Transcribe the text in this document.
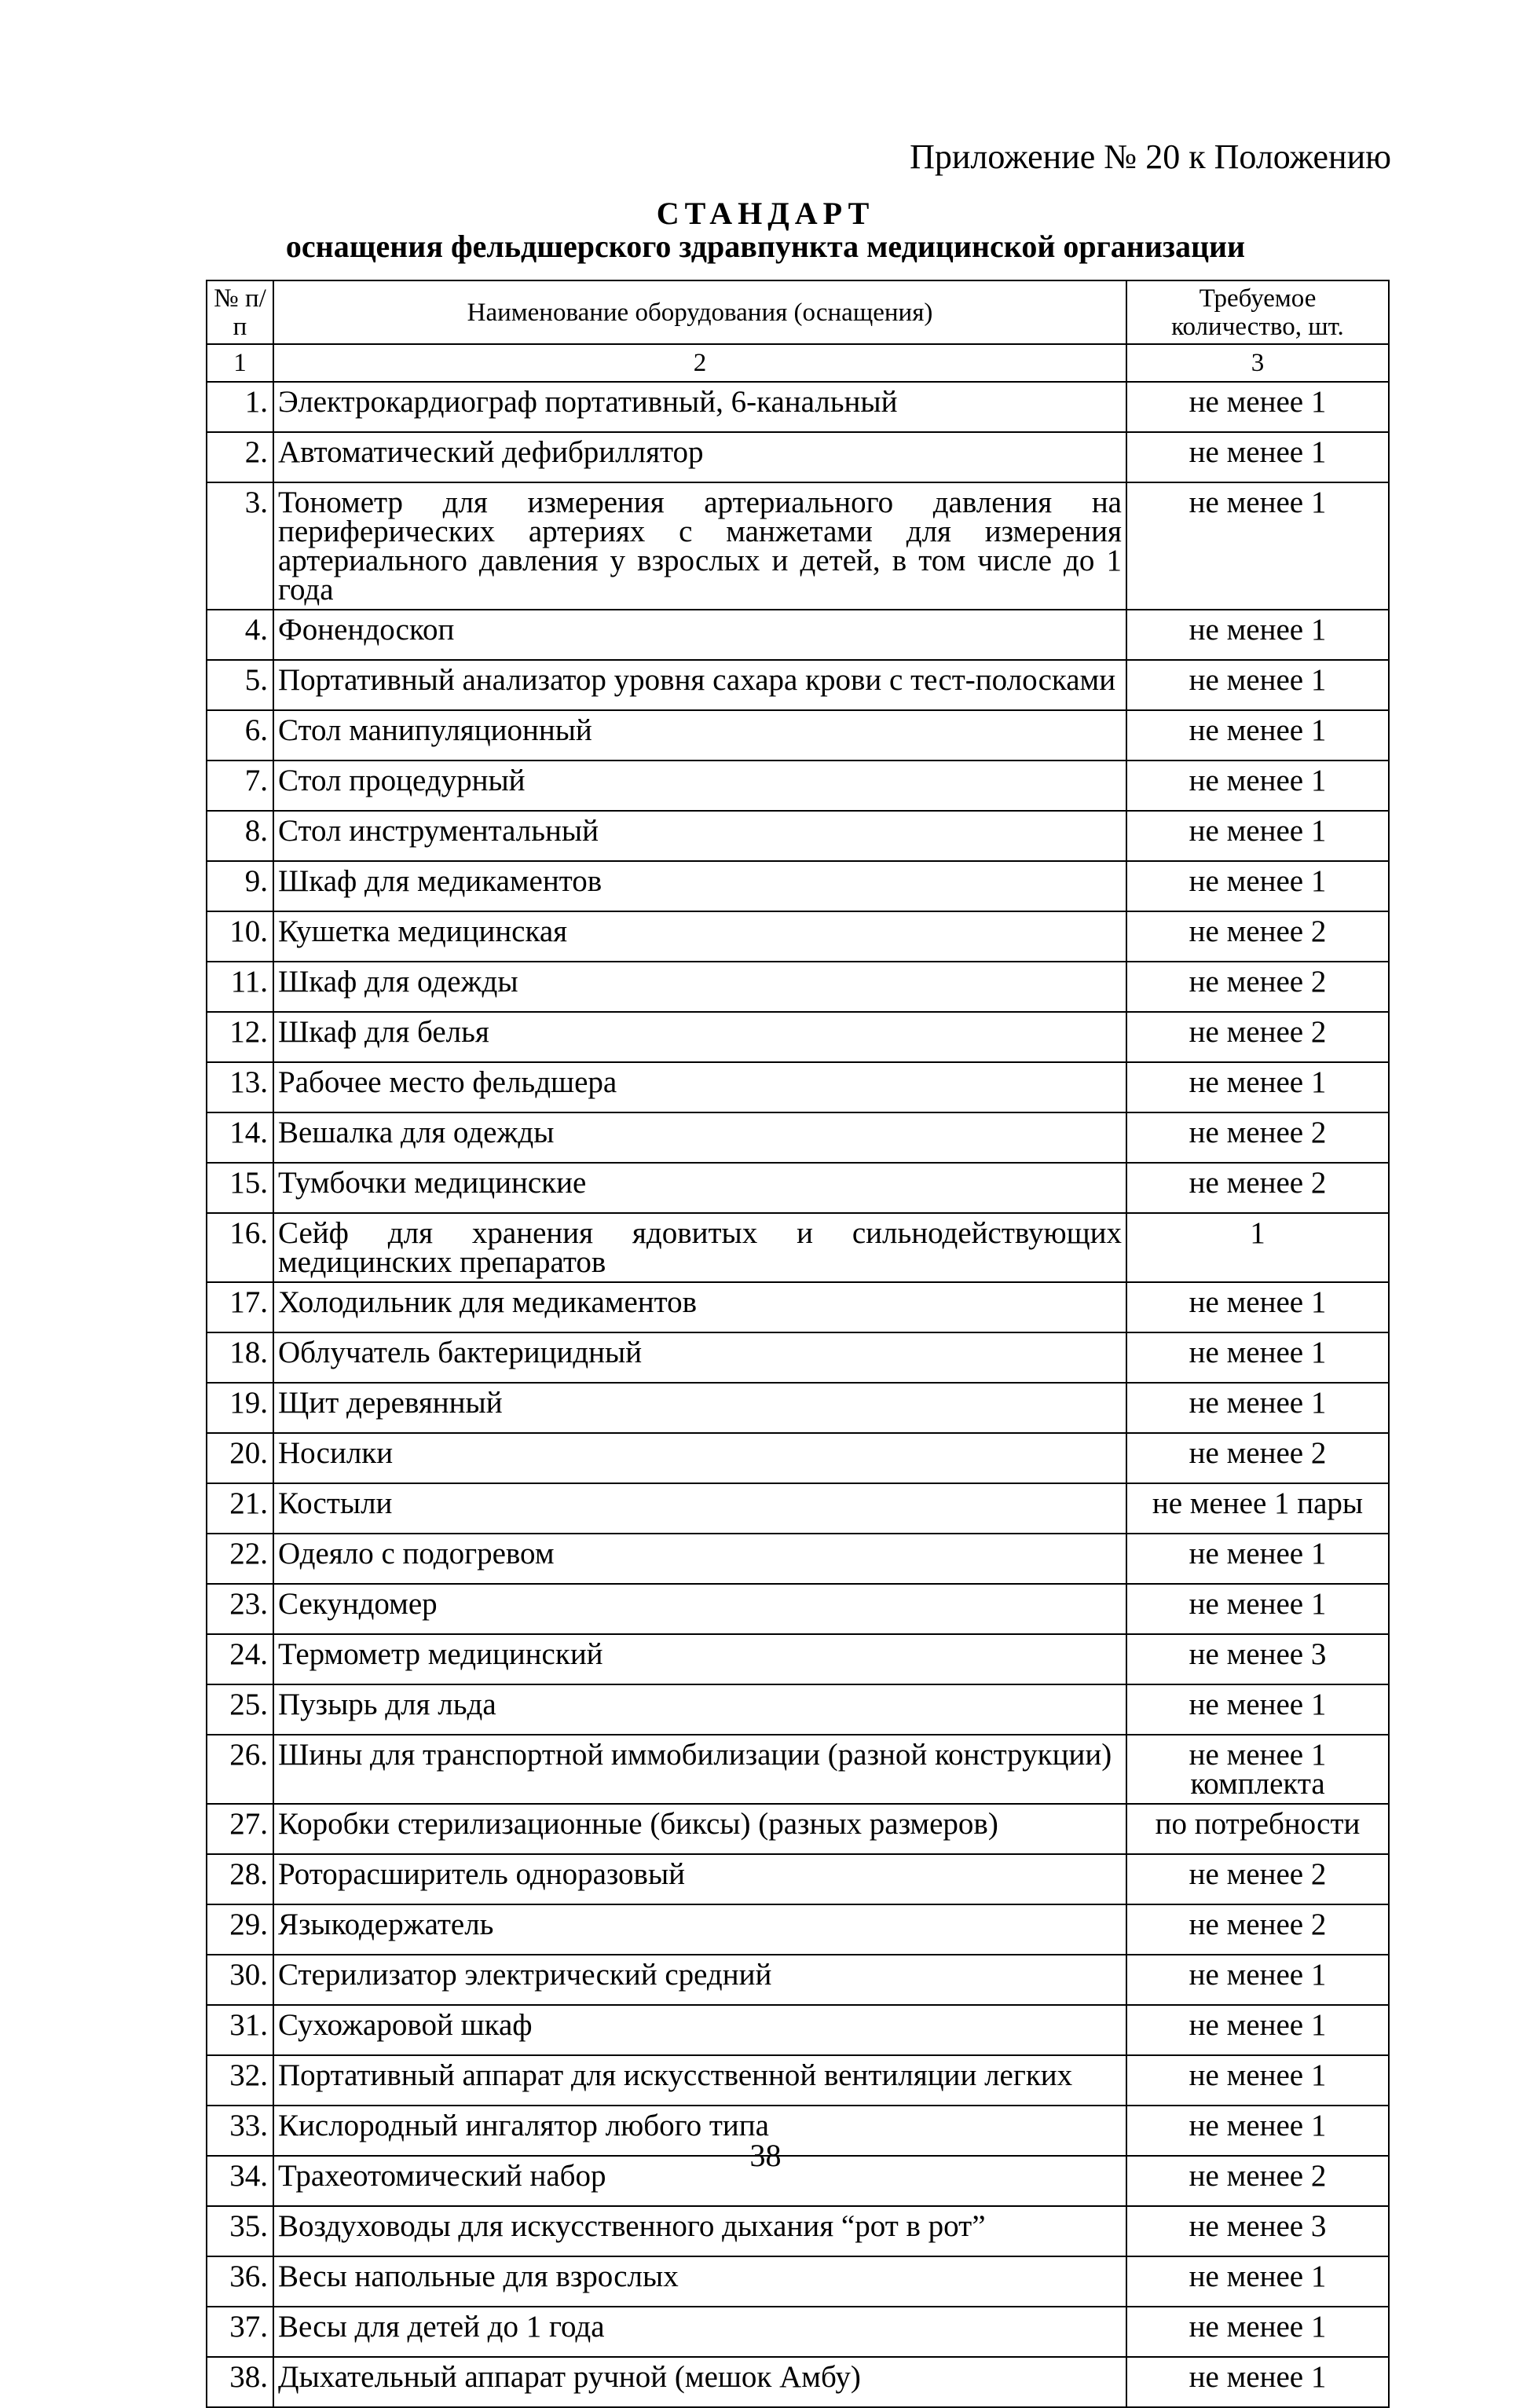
Приложение № 20 к Положению
СТАНДАРТ
оснащения фельдшерского здравпункта медицинской организации
№ п/п	Наименование оборудования (оснащения)	Требуемое количество, шт.
1	2	3
1.	Электрокардиограф портативный, 6-канальный	не менее 1
2.	Автоматический дефибриллятор	не менее 1
3.	Тонометр для измерения артериального давления на периферических артериях с манжетами для измерения артериального давления у взрослых и детей, в том числе до 1 года	не менее 1
4.	Фонендоскоп	не менее 1
5.	Портативный анализатор уровня сахара крови с тест-полосками	не менее 1
6.	Стол манипуляционный	не менее 1
7.	Стол процедурный	не менее 1
8.	Стол инструментальный	не менее 1
9.	Шкаф для медикаментов	не менее 1
10.	Кушетка медицинская	не менее 2
11.	Шкаф для одежды	не менее 2
12.	Шкаф для белья	не менее 2
13.	Рабочее место фельдшера	не менее 1
14.	Вешалка для одежды	не менее 2
15.	Тумбочки медицинские	не менее 2
16.	Сейф для хранения ядовитых и сильнодействующих медицинских препаратов	1
17.	Холодильник для медикаментов	не менее 1
18.	Облучатель бактерицидный	не менее 1
19.	Щит деревянный	не менее 1
20.	Носилки	не менее 2
21.	Костыли	не менее 1 пары
22.	Одеяло с подогревом	не менее 1
23.	Секундомер	не менее 1
24.	Термометр медицинский	не менее 3
25.	Пузырь для льда	не менее 1
26.	Шины для транспортной иммобилизации (разной конструкции)	не менее 1 комплекта
27.	Коробки стерилизационные (биксы) (разных размеров)	по потребности
28.	Роторасширитель одноразовый	не менее 2
29.	Языкодержатель	не менее 2
30.	Стерилизатор электрический средний	не менее 1
31.	Сухожаровой шкаф	не менее 1
32.	Портативный аппарат для искусственной вентиляции легких	не менее 1
33.	Кислородный ингалятор любого типа	не менее 1
34.	Трахеотомический набор	не менее 2
35.	Воздуховоды для искусственного дыхания “рот в рот”	не менее 3
36.	Весы напольные для взрослых	не менее 1
37.	Весы для детей до 1 года	не менее 1
38.	Дыхательный аппарат ручной (мешок Амбу)	не менее 1
38
